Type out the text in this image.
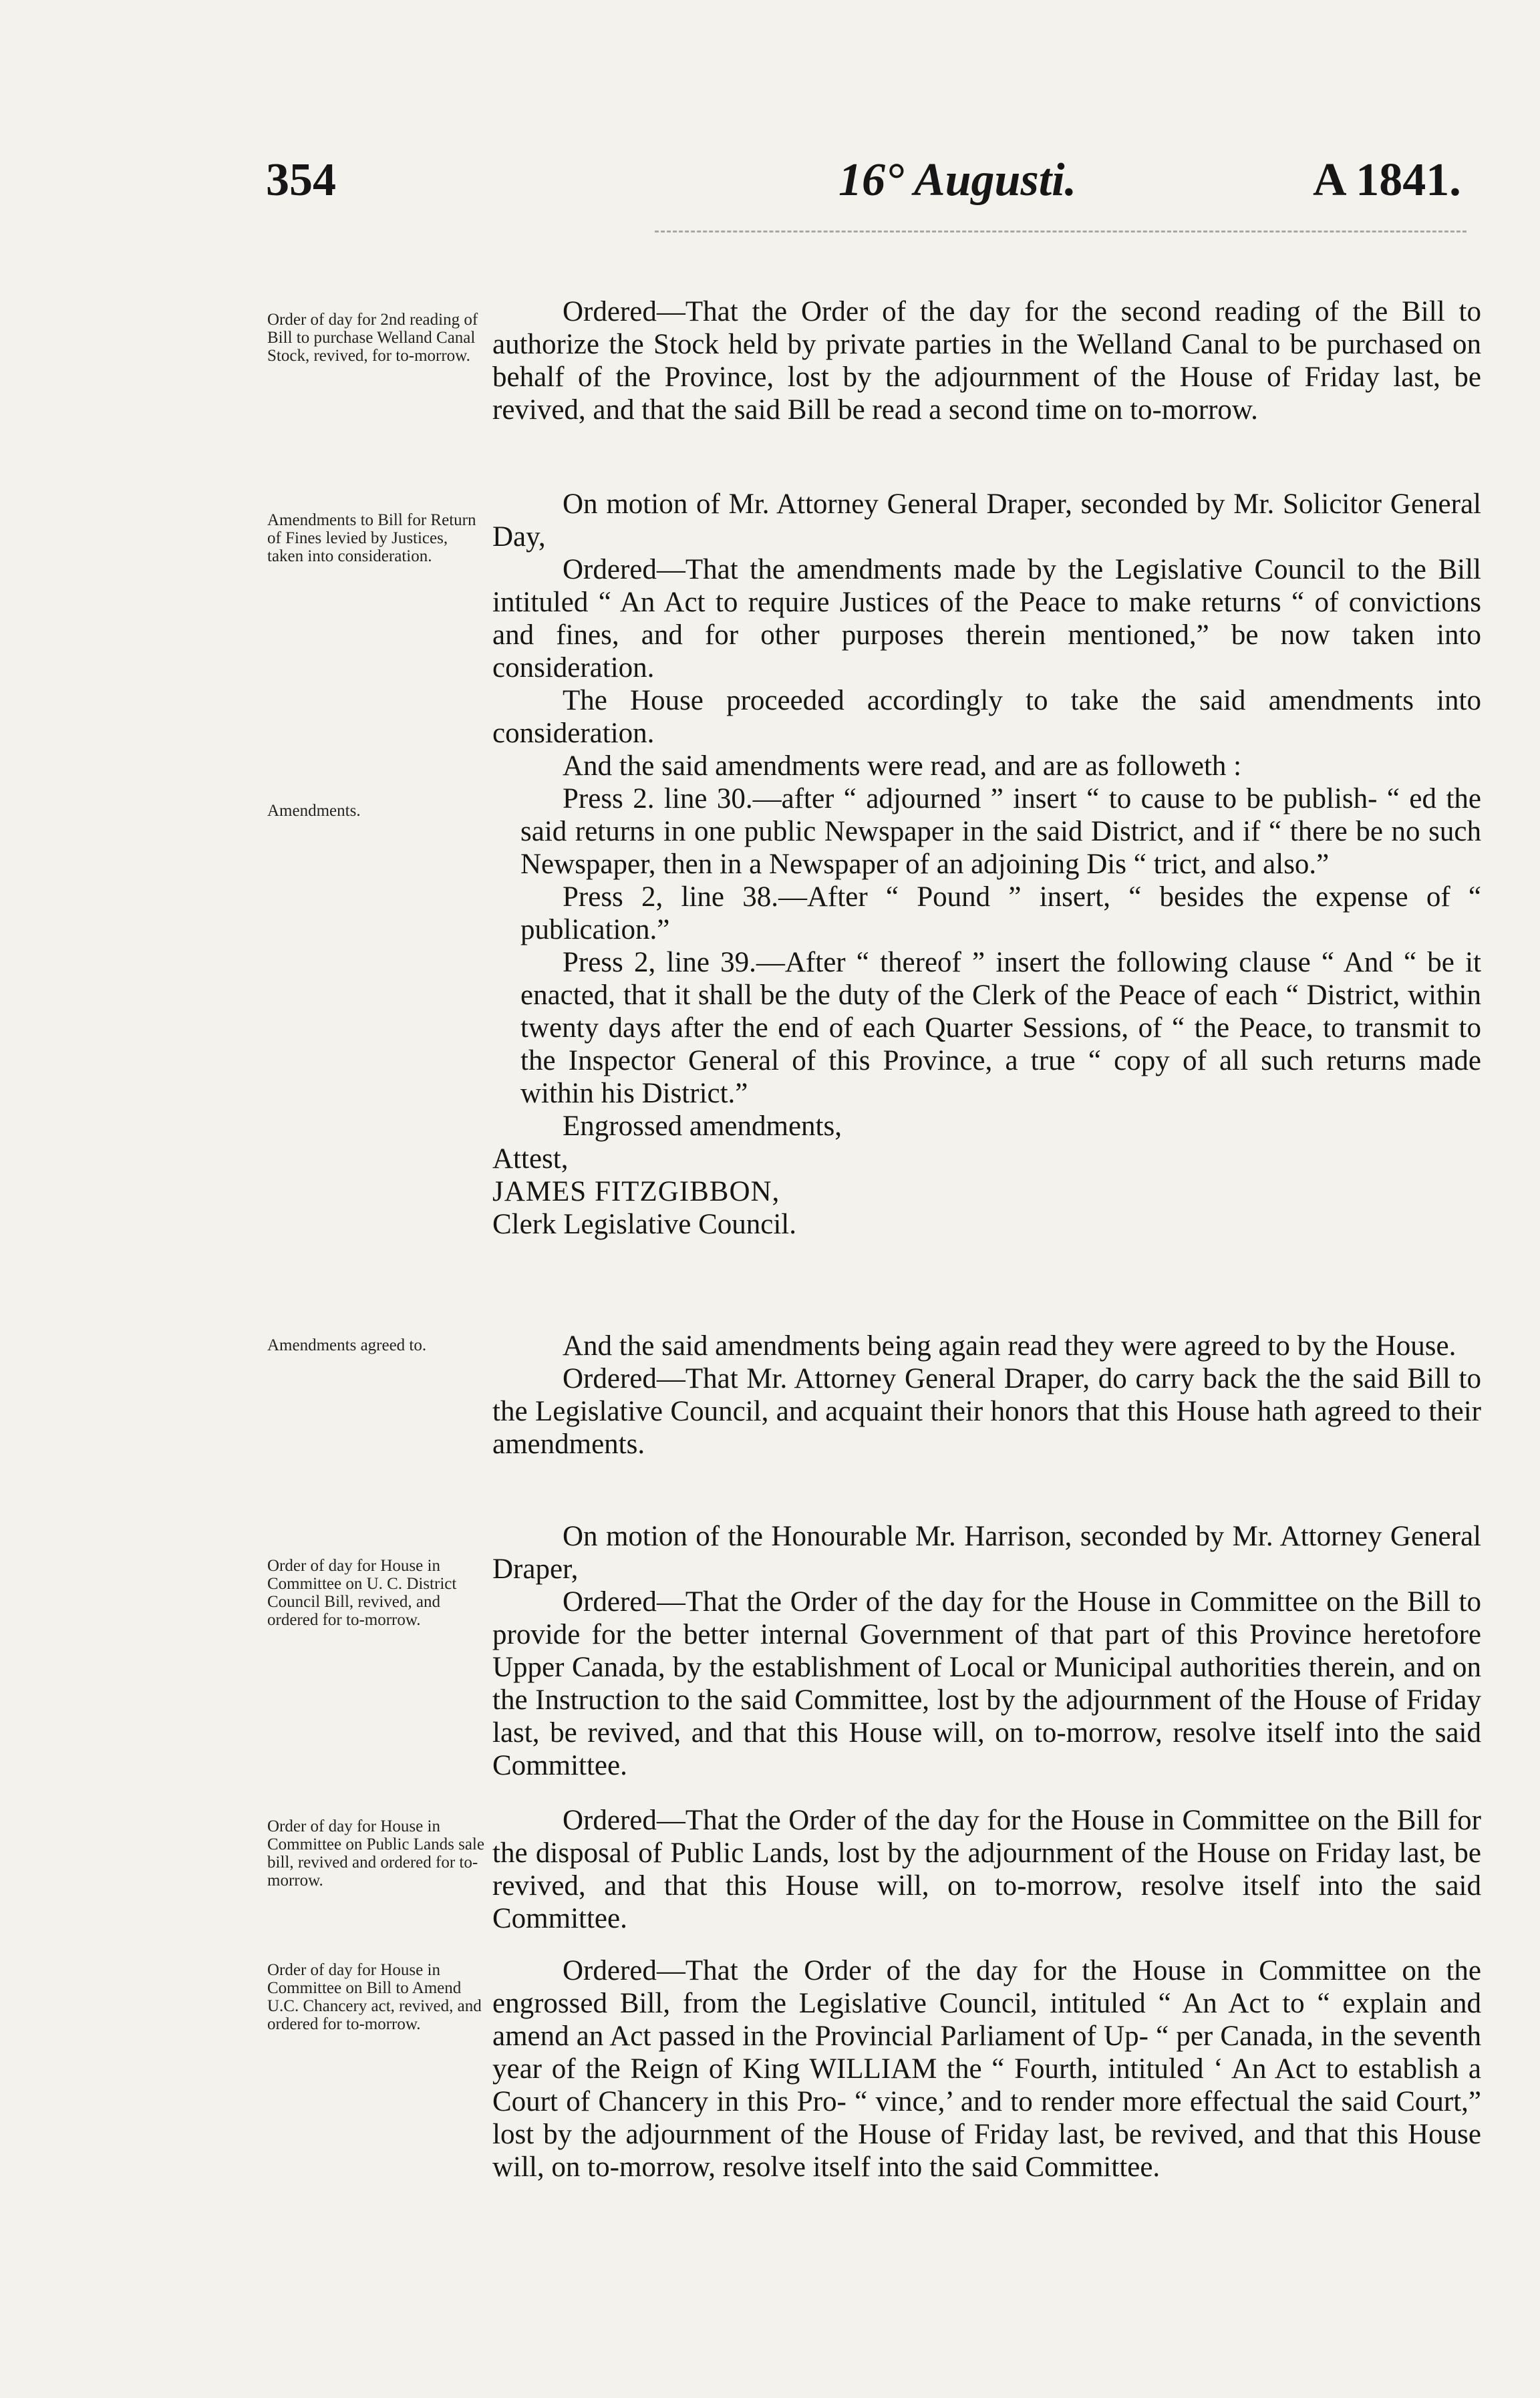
354	16° Augusti.	A 1841.
Order of day for 2nd reading of Bill to purchase Welland Canal Stock, revived, for to-morrow.
Amendments to Bill for Return of Fines levied by Justices, taken into consideration.
Amendments.
Amendments agreed to.
Order of day for House in Committee on U. C. District Council Bill, revived, and ordered for to-morrow.
Order of day for House in Committee on Public Lands sale bill, revived and ordered for to-morrow.
Order of day for House in Committee on Bill to Amend U.C. Chancery act, revived, and ordered for to-morrow.

Ordered—That the Order of the day for the second reading of the Bill to authorize the Stock held by private parties in the Welland Canal to be purchased on behalf of the Province, lost by the adjournment of the House of Friday last, be revived, and that the said Bill be read a second time on to-morrow.

On motion of Mr. Attorney General Draper, seconded by Mr. Solicitor General Day,

Ordered—That the amendments made by the Legislative Council to the Bill intituled “ An Act to require Justices of the Peace to make returns “ of convictions and fines, and for other purposes therein mentioned,” be now taken into consideration.

The House proceeded accordingly to take the said amendments into consideration.

And the said amendments were read, and are as followeth :

Press 2. line 30.—after “ adjourned ” insert “ to cause to be publish- “ ed the said returns in one public Newspaper in the said District, and if “ there be no such Newspaper, then in a Newspaper of an adjoining Dis “ trict, and also.”

Press 2, line 38.—After “ Pound ” insert, “ besides the expense of “ publication.”

Press 2, line 39.—After “ thereof ” insert the following clause “ And “ be it enacted, that it shall be the duty of the Clerk of the Peace of each “ District, within twenty days after the end of each Quarter Sessions, of “ the Peace, to transmit to the Inspector General of this Province, a true “ copy of all such returns made within his District.”

Engrossed amendments,

Attest,

JAMES FITZGIBBON,

Clerk Legislative Council.

And the said amendments being again read they were agreed to by the House.

Ordered—That Mr. Attorney General Draper, do carry back the the said Bill to the Legislative Council, and acquaint their honors that this House hath agreed to their amendments.

On motion of the Honourable Mr. Harrison, seconded by Mr. Attorney General Draper,

Ordered—That the Order of the day for the House in Committee on the Bill to provide for the better internal Government of that part of this Province heretofore Upper Canada, by the establishment of Local or Municipal authorities therein, and on the Instruction to the said Committee, lost by the adjournment of the House of Friday last, be revived, and that this House will, on to-morrow, resolve itself into the said Committee.

Ordered—That the Order of the day for the House in Committee on the Bill for the disposal of Public Lands, lost by the adjournment of the House on Friday last, be revived, and that this House will, on to-morrow, resolve itself into the said Committee.

Ordered—That the Order of the day for the House in Committee on the engrossed Bill, from the Legislative Council, intituled “ An Act to “ explain and amend an Act passed in the Provincial Parliament of Up- “ per Canada, in the seventh year of the Reign of King WILLIAM the “ Fourth, intituled ‘ An Act to establish a Court of Chancery in this Pro- “ vince,’ and to render more effectual the said Court,” lost by the adjournment of the House of Friday last, be revived, and that this House will, on to-morrow, resolve itself into the said Committee.
